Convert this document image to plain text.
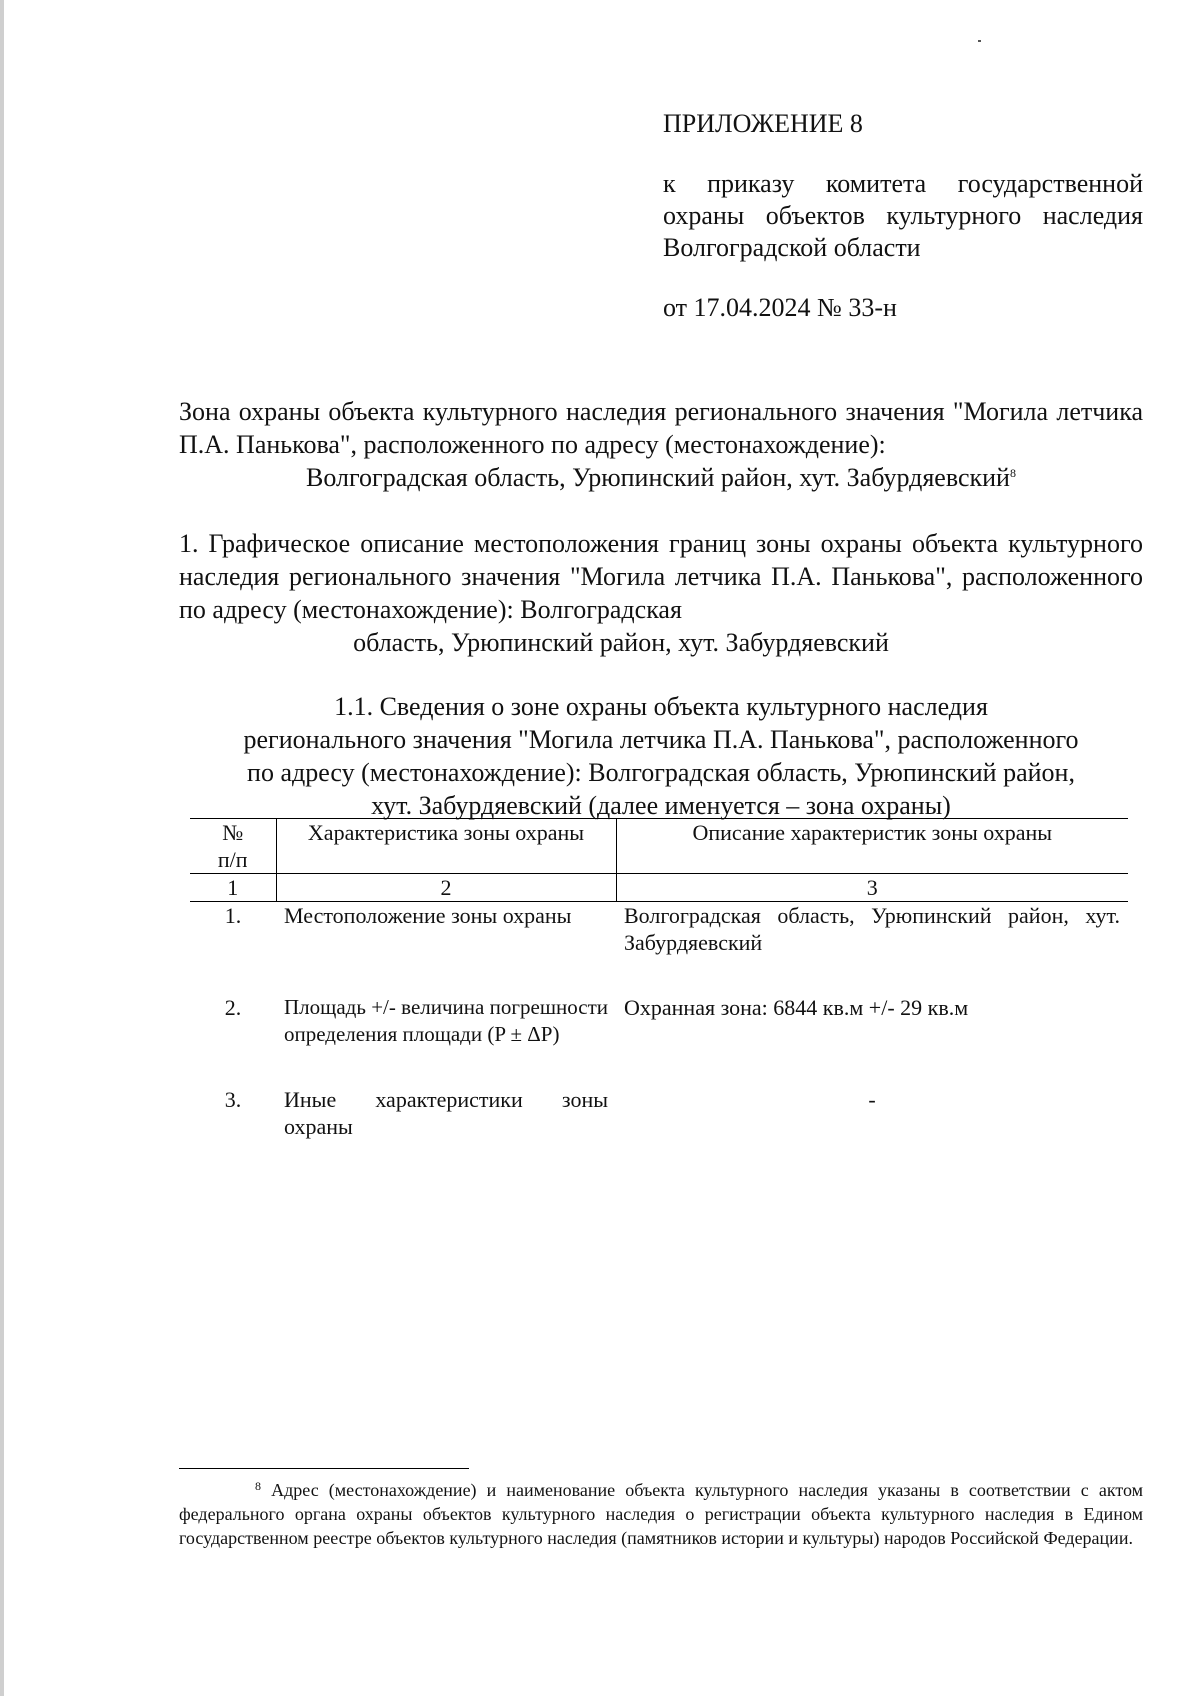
ПРИЛОЖЕНИЕ 8
к приказу комитета государственной охраны объектов культурного наследия Волгоградской области
от 17.04.2024 № 33-н
Зона охраны объекта культурного наследия регионального значения "Могила летчика П.А. Панькова", расположенного по адресу (местонахождение):
Волгоградская область, Урюпинский район, хут. Забурдяевский$^8$
1. Графическое описание местоположения границ зоны охраны объекта культурного наследия регионального значения "Могила летчика П.А. Панькова", расположенного по адресу (местонахождение): Волгоградская
область, Урюпинский район, хут. Забурдяевский
1.1. Сведения о зоне охраны объекта культурного наследия
регионального значения "Могила летчика П.А. Панькова", расположенного
по адресу (местонахождение): Волгоградская область, Урюпинский район,
хут. Забурдяевский (далее именуется – зона охраны)
№
п/п	Характеристика зоны охраны	Описание характеристик зоны охраны
1	2	3
1.	Местоположение зоны охраны	Волгоградская область, Урюпинский район, хут. Забурдяевский

2.	Площадь +/- величина погрешности определения площади (P ± ΔP)	Охранная зона: 6844 кв.м +/- 29 кв.м

3.	Иные характеристики зоны охраны	-
$^8$ Адрес (местонахождение) и наименование объекта культурного наследия указаны в соответствии с актом федерального органа охраны объектов культурного наследия о регистрации объекта культурного наследия в Едином государственном реестре объектов культурного наследия (памятников истории и культуры) народов Российской Федерации.
